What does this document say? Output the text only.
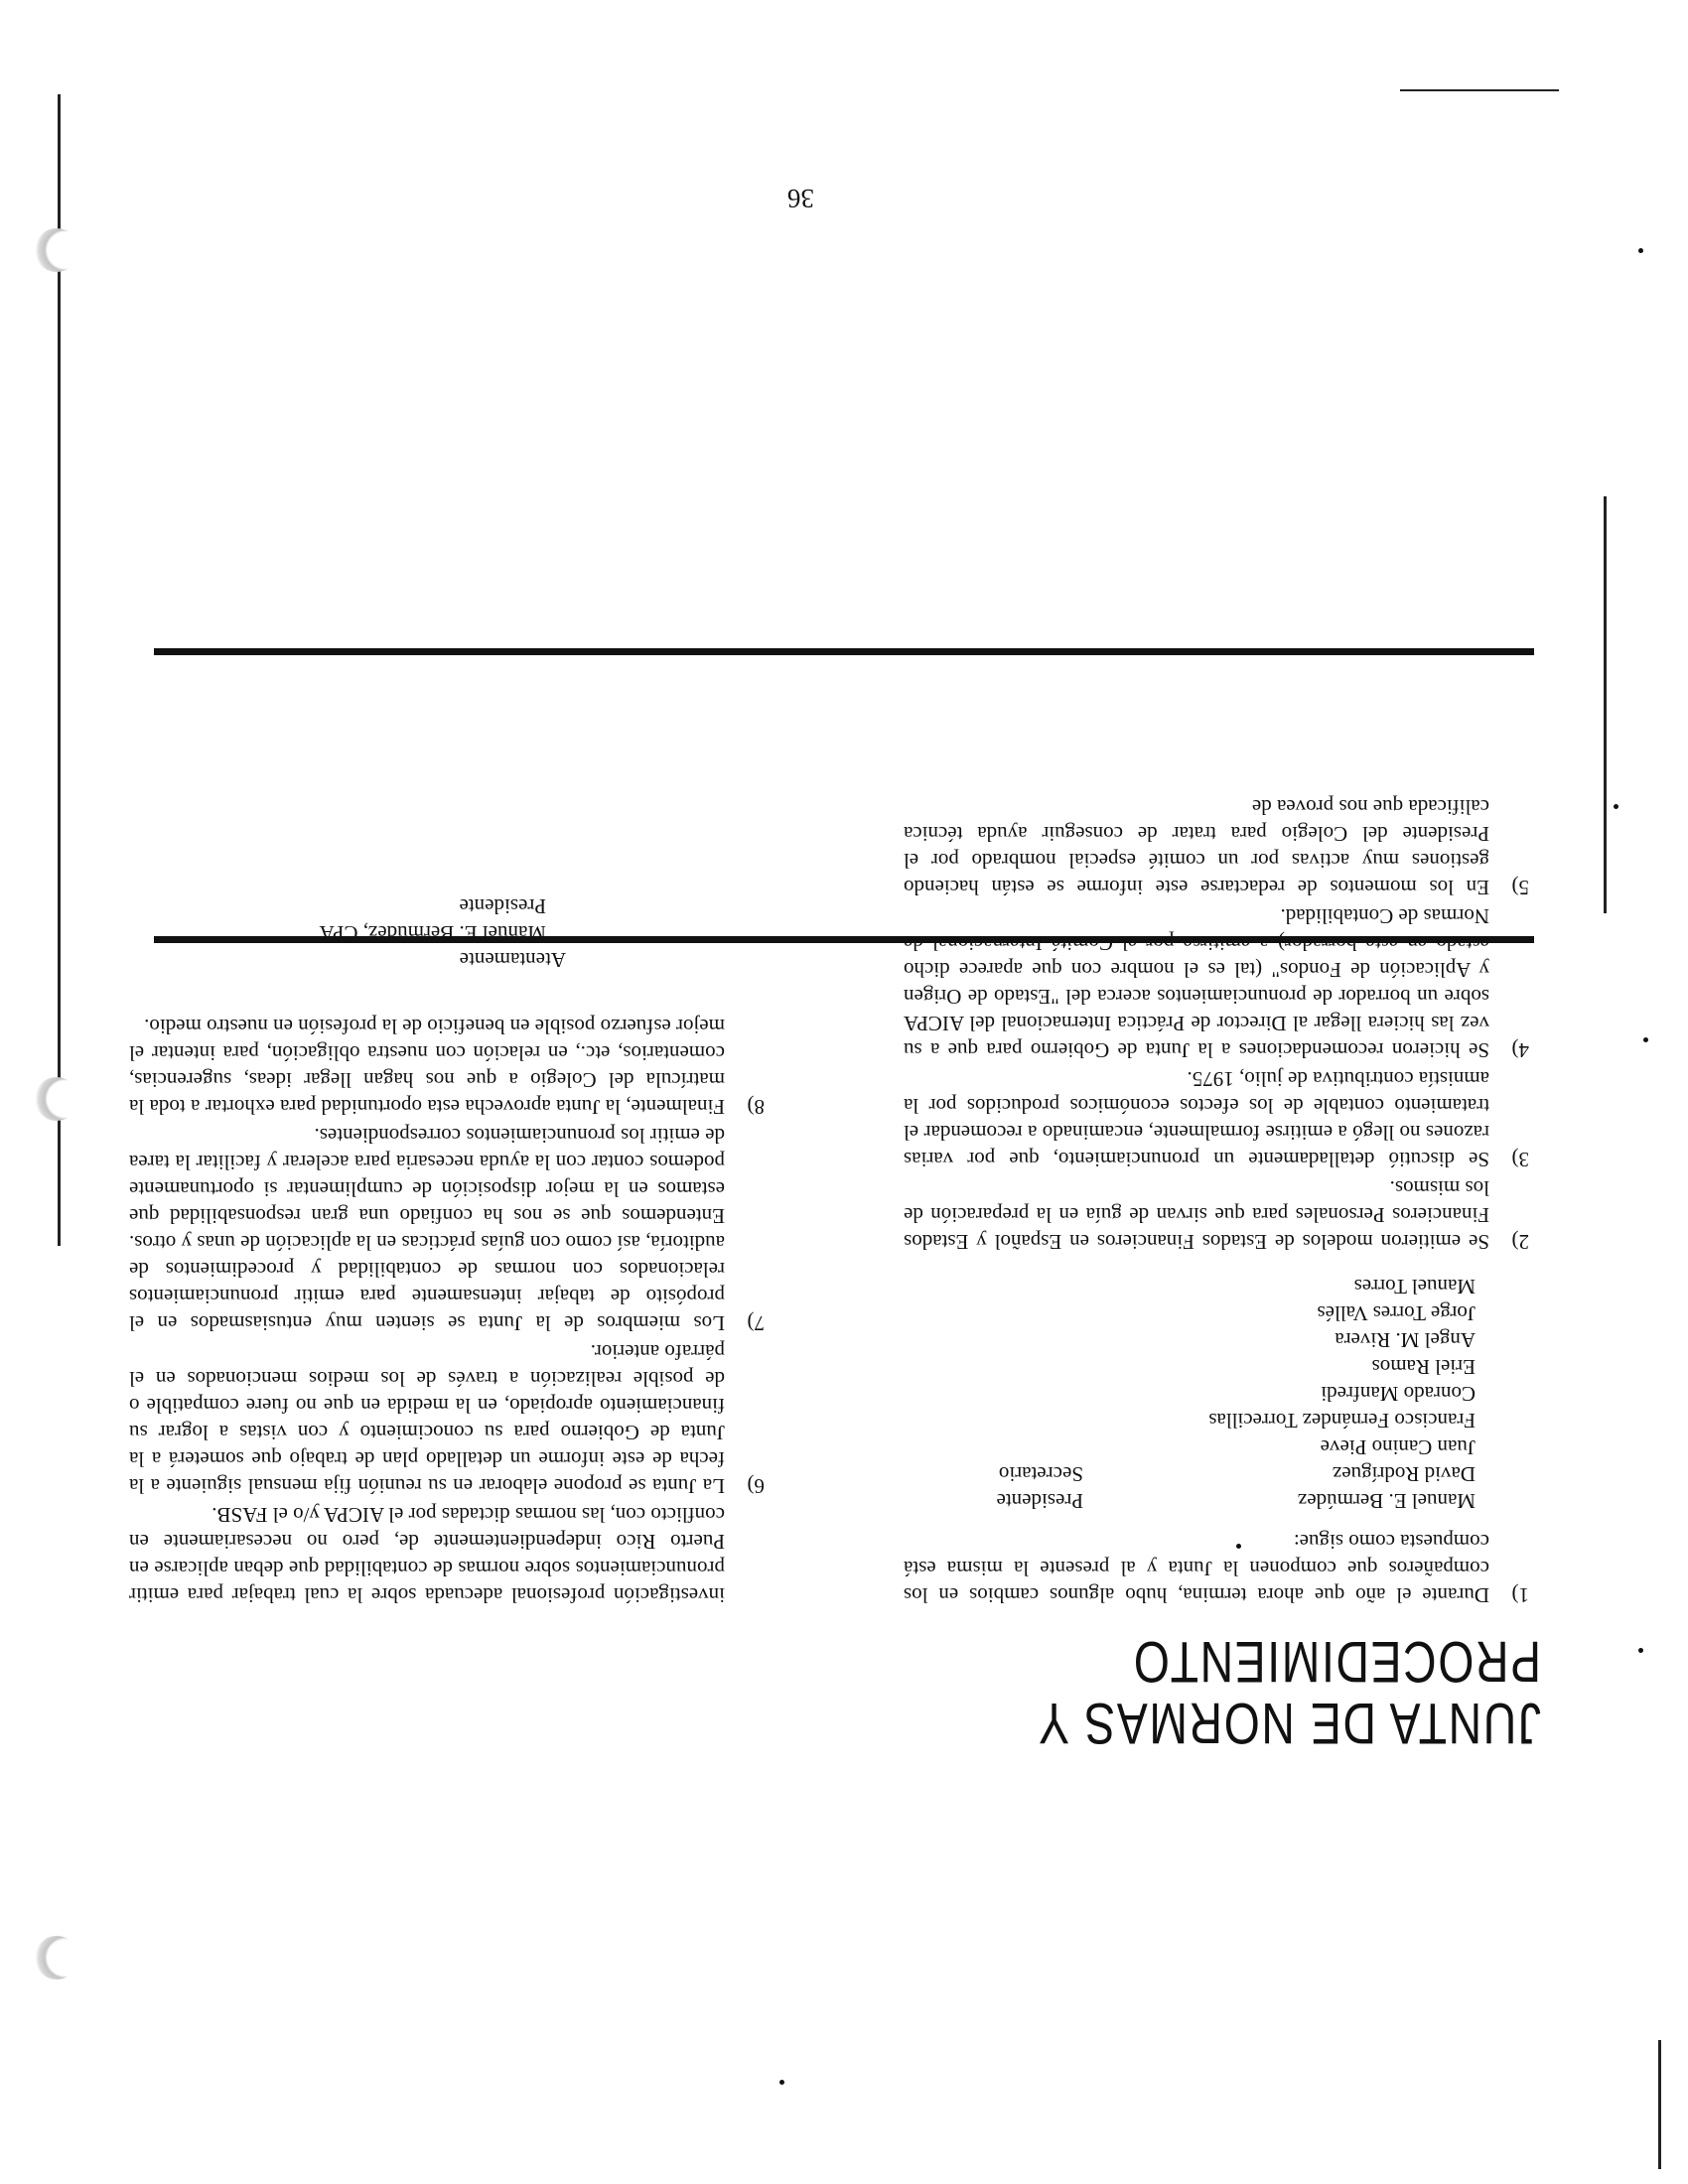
36
JUNTA DE NORMAS Y
PROCEDIMIENTO
1)
Durante el año que ahora termina, hubo algunos cambios en los compañeros que componen la Junta y al presente la misma está compuesta como sigue:
Manuel E. Bermúdez
Presidente
David Rodríguez
Secretario
Juan Canino Pieve
Francisco Fernández Torrecillas
Conrado Manfredi
Eriel Ramos
Angel M. Rivera
Jorge Torres Vallés
Manuel Torres
2)
Se emitieron modelos de Estados Financieros en Español y Estados Financieros Personales para que sirvan de guía en la preparación de los mismos.
3)
Se discutió detalladamente un pronunciamiento, que por varias razones no llegó a emitirse formalmente, encaminado a recomendar el tratamiento contable de los efectos económicos producidos por la amnistía contributiva de julio, 1975.
4)
Se hicieron recomendaciones a la Junta de Gobierno para que a su vez las hiciera llegar al Director de Práctica Internacional del AICPA sobre un borrador de pronunciamientos acerca del "Estado de Origen y Aplicación de Fondos" (tal es el nombre con que aparece dicho estado en este borrador) a emitirse por el Comité Internacional de Normas de Contabilidad.
5)
En los momentos de redactarse este informe se están haciendo gestiones muy activas por un comité especial nombrado por el Presidente del Colegio para tratar de conseguir ayuda técnica calificada que nos provea de
investigación profesional adecuada sobre la cual trabajar para emitir pronunciamientos sobre normas de contabilidad que deban aplicarse en Puerto Rico independientemente de, pero no necesariamente en conflicto con, las normas dictadas por el AICPA y/o el FASB.
6)
La Junta se propone elaborar en su reunión fija mensual siguiente a la fecha de este informe un detallado plan de trabajo que someterá a la Junta de Gobierno para su conocimiento y con vistas a lograr su financiamiento apropiado, en la medida en que no fuere compatible o de posible realización a través de los medios mencionados en el párrafo anterior.
7)
Los miembros de la Junta se sienten muy entusiasmados en el propósito de tabajar intensamente para emitir pronunciamientos relacionados con normas de contabilidad y procedimientos de auditoría, así como con guías prácticas en la aplicación de unas y otros. Entendemos que se nos ha confiado una gran responsabilidad que estamos en la mejor disposición de cumplimentar si oportunamente podemos contar con la ayuda necesaria para acelerar y facilitar la tarea de emitir los pronunciamientos correspondientes.
8)
Finalmente, la Junta aprovecha esta oportunidad para exhortar a toda la matrícula del Colegio a que nos hagan llegar ideas, sugerencias, comentarios, etc., en relación con nuestra obligación, para intentar el mejor esfuerzo posible en beneficio de la profesión en nuestro medio.
Atentamente
Manuel E. Bermúdez, CPA
Presidente
